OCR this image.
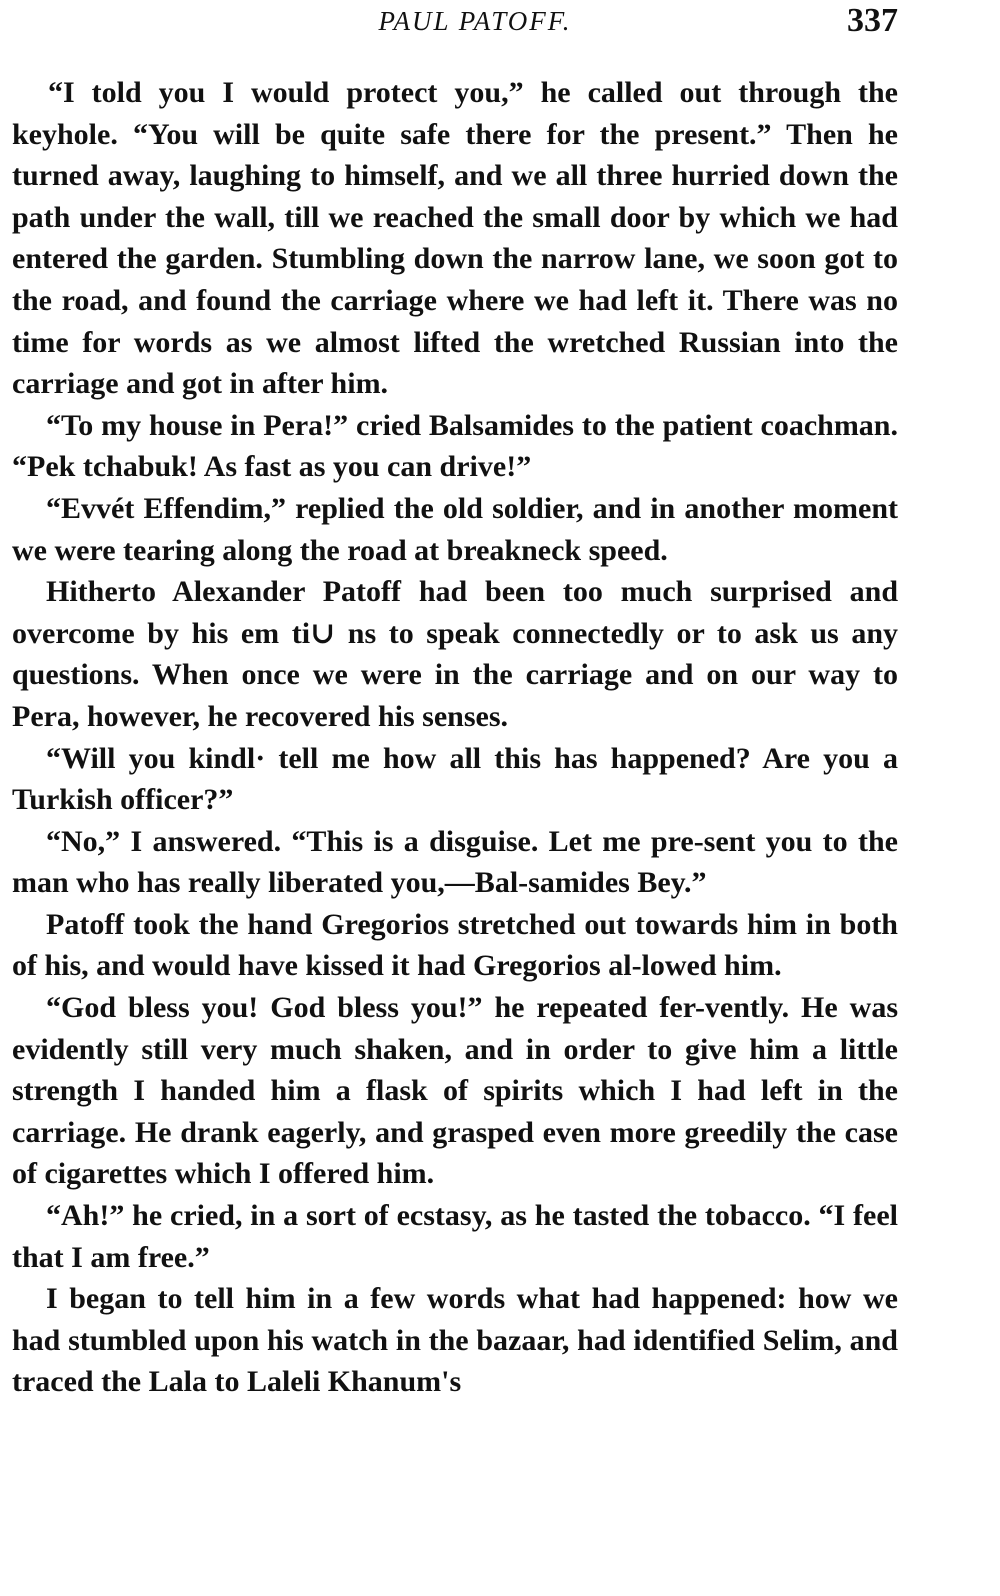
PAUL PATOFF.	337

“I told you I would protect you,” he called out through the keyhole. “You will be quite safe there for the present.” Then he turned away, laughing to himself, and we all three hurried down the path under the wall, till we reached the small door by which we had entered the garden. Stumbling down the narrow lane, we soon got to the road, and found the carriage where we had left it. There was no time for words as we almost lifted the wretched Russian into the carriage and got in after him.

“To my house in Pera!” cried Balsamides to the patient coachman. “Pek tchabuk! As fast as you can drive!”

“Evvét Effendim,” replied the old soldier, and in another moment we were tearing along the road at breakneck speed.

Hitherto Alexander Patoff had been too much surprised and overcome by his em ti∪ ns to speak connectedly or to ask us any questions. When once we were in the carriage and on our way to Pera, however, he recovered his senses.

“Will you kindl· tell me how all this has happened? Are you a Turkish officer?”

“No,” I answered. “This is a disguise. Let me pre-sent you to the man who has really liberated you,—Bal-samides Bey.”

Patoff took the hand Gregorios stretched out towards him in both of his, and would have kissed it had Gregorios al-lowed him.

“God bless you! God bless you!” he repeated fer-vently. He was evidently still very much shaken, and in order to give him a little strength I handed him a flask of spirits which I had left in the carriage. He drank eagerly, and grasped even more greedily the case of cigarettes which I offered him.

“Ah!” he cried, in a sort of ecstasy, as he tasted the tobacco. “I feel that I am free.”

I began to tell him in a few words what had happened: how we had stumbled upon his watch in the bazaar, had identified Selim, and traced the Lala to Laleli Khanum's
